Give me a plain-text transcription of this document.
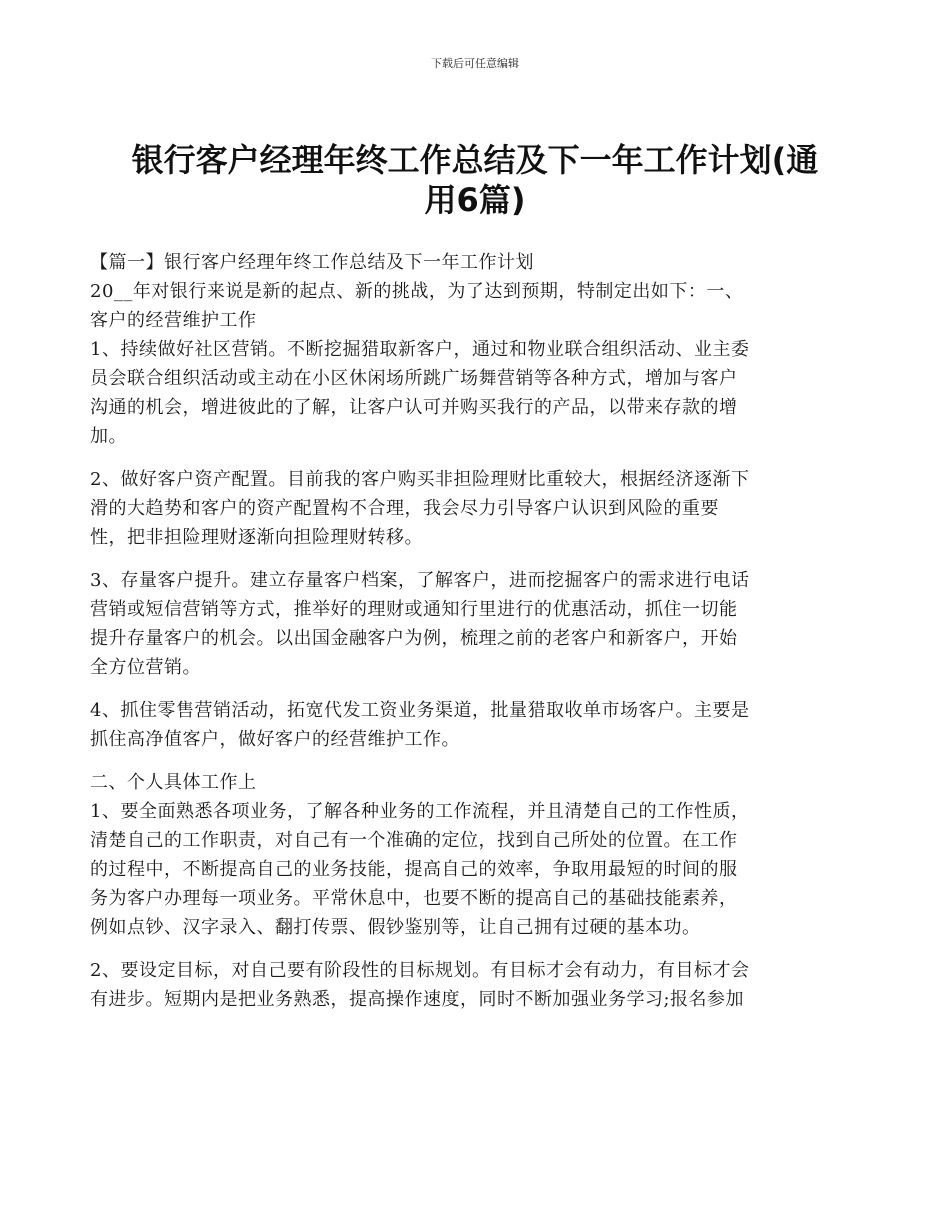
下载后可任意编辑
银行客户经理年终工作总结及下一年工作计划(通
用6篇)
【篇一】银行客户经理年终工作总结及下一年工作计划
20__年对银行来说是新的起点、新的挑战，为了达到预期，特制定出如下：一、
客户的经营维护工作
1、持续做好社区营销。不断挖掘猎取新客户，通过和物业联合组织活动、业主委
员会联合组织活动或主动在小区休闲场所跳广场舞营销等各种方式，增加与客户
沟通的机会，增进彼此的了解，让客户认可并购买我行的产品，以带来存款的增
加。
2、做好客户资产配置。目前我的客户购买非担险理财比重较大，根据经济逐渐下
滑的大趋势和客户的资产配置构不合理，我会尽力引导客户认识到风险的重要
性，把非担险理财逐渐向担险理财转移。
3、存量客户提升。建立存量客户档案，了解客户，进而挖掘客户的需求进行电话
营销或短信营销等方式，推举好的理财或通知行里进行的优惠活动，抓住一切能
提升存量客户的机会。以出国金融客户为例，梳理之前的老客户和新客户，开始
全方位营销。
4、抓住零售营销活动，拓宽代发工资业务渠道，批量猎取收单市场客户。主要是
抓住高净值客户，做好客户的经营维护工作。
二、个人具体工作上
1、要全面熟悉各项业务，了解各种业务的工作流程，并且清楚自己的工作性质，
清楚自己的工作职责，对自己有一个准确的定位，找到自己所处的位置。在工作
的过程中，不断提高自己的业务技能，提高自己的效率，争取用最短的时间的服
务为客户办理每一项业务。平常休息中，也要不断的提高自己的基础技能素养，
例如点钞、汉字录入、翻打传票、假钞鉴别等，让自己拥有过硬的基本功。
2、要设定目标，对自己要有阶段性的目标规划。有目标才会有动力，有目标才会
有进步。短期内是把业务熟悉，提高操作速度，同时不断加强业务学习;报名参加
